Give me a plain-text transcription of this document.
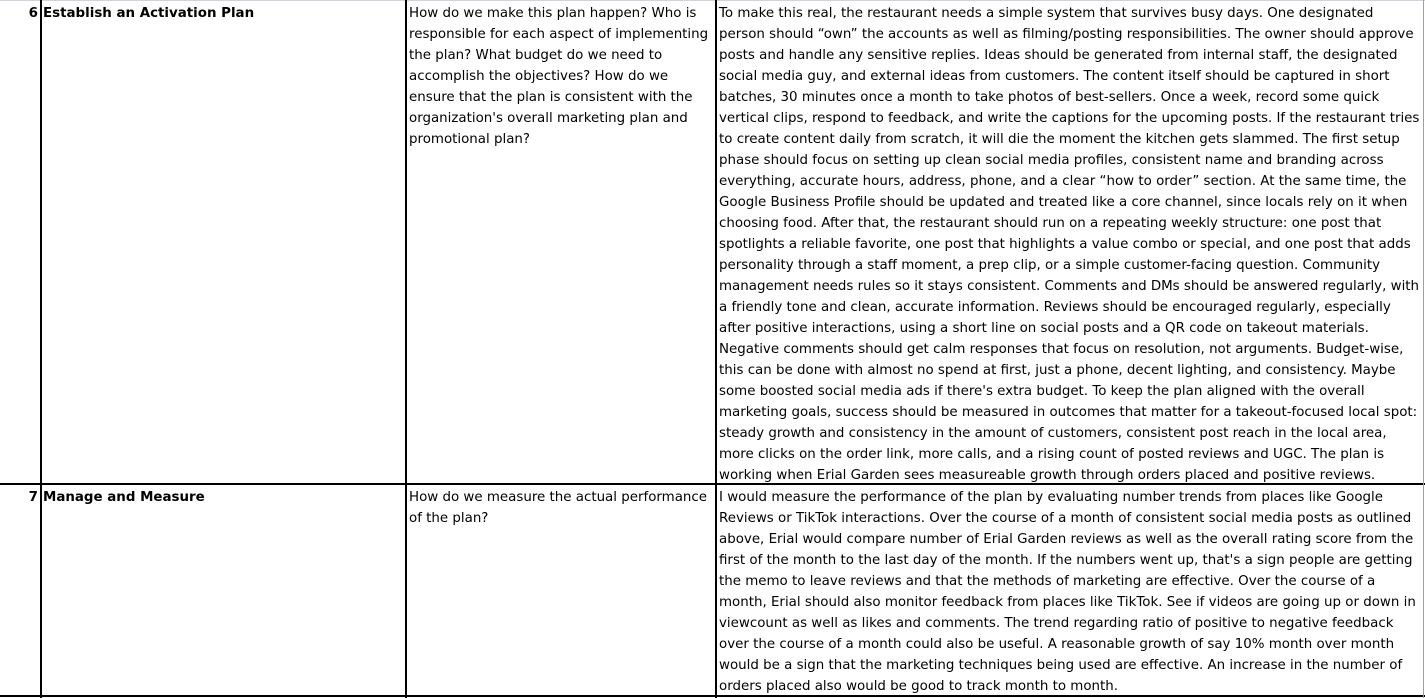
6 Establish an Activation Plan	How do we make this plan happen? Who is responsible for each aspect of implementing the plan? What budget do we need to accomplish the objectives? How do we ensure that the plan is consistent with the organization's overall marketing plan and promotional plan?
To make this real, the restaurant needs a simple system that survives busy days. One designated person should “own” the accounts as well as filming/posting responsibilities. The owner should approve posts and handle any sensitive replies. Ideas should be generated from internal staff, the designated social media guy, and external ideas from customers. The content itself should be captured in short batches, 30 minutes once a month to take photos of best-sellers. Once a week, record some quick vertical clips, respond to feedback, and write the captions for the upcoming posts. If the restaurant tries to create content daily from scratch, it will die the moment the kitchen gets slammed. The first setup phase should focus on setting up clean social media profiles, consistent name and branding across everything, accurate hours, address, phone, and a clear “how to order” section. At the same time, the Google Business Profile should be updated and treated like a core channel, since locals rely on it when choosing food. After that, the restaurant should run on a repeating weekly structure: one post that spotlights a reliable favorite, one post that highlights a value combo or special, and one post that adds personality through a staff moment, a prep clip, or a simple customer-facing question. Community management needs rules so it stays consistent. Comments and DMs should be answered regularly, with a friendly tone and clean, accurate information. Reviews should be encouraged regularly, especially after positive interactions, using a short line on social posts and a QR code on takeout materials. Negative comments should get calm responses that focus on resolution, not arguments. Budget-wise, this can be done with almost no spend at first, just a phone, decent lighting, and consistency. Maybe some boosted social media ads if there's extra budget. To keep the plan aligned with the overall marketing goals, success should be measured in outcomes that matter for a takeout-focused local spot: steady growth and consistency in the amount of customers, consistent post reach in the local area, more clicks on the order link, more calls, and a rising count of posted reviews and UGC. The plan is working when Erial Garden sees measureable growth through orders placed and positive reviews.
7 Manage and Measure	How do we measure the actual performance of the plan?
I would measure the performance of the plan by evaluating number trends from places like Google Reviews or TikTok interactions. Over the course of a month of consistent social media posts as outlined above, Erial would compare number of Erial Garden reviews as well as the overall rating score from the first of the month to the last day of the month. If the numbers went up, that's a sign people are getting the memo to leave reviews and that the methods of marketing are effective. Over the course of a month, Erial should also monitor feedback from places like TikTok. See if videos are going up or down in viewcount as well as likes and comments. The trend regarding ratio of positive to negative feedback over the course of a month could also be useful. A reasonable growth of say 10% month over month would be a sign that the marketing techniques being used are effective. An increase in the number of orders placed also would be good to track month to month.
